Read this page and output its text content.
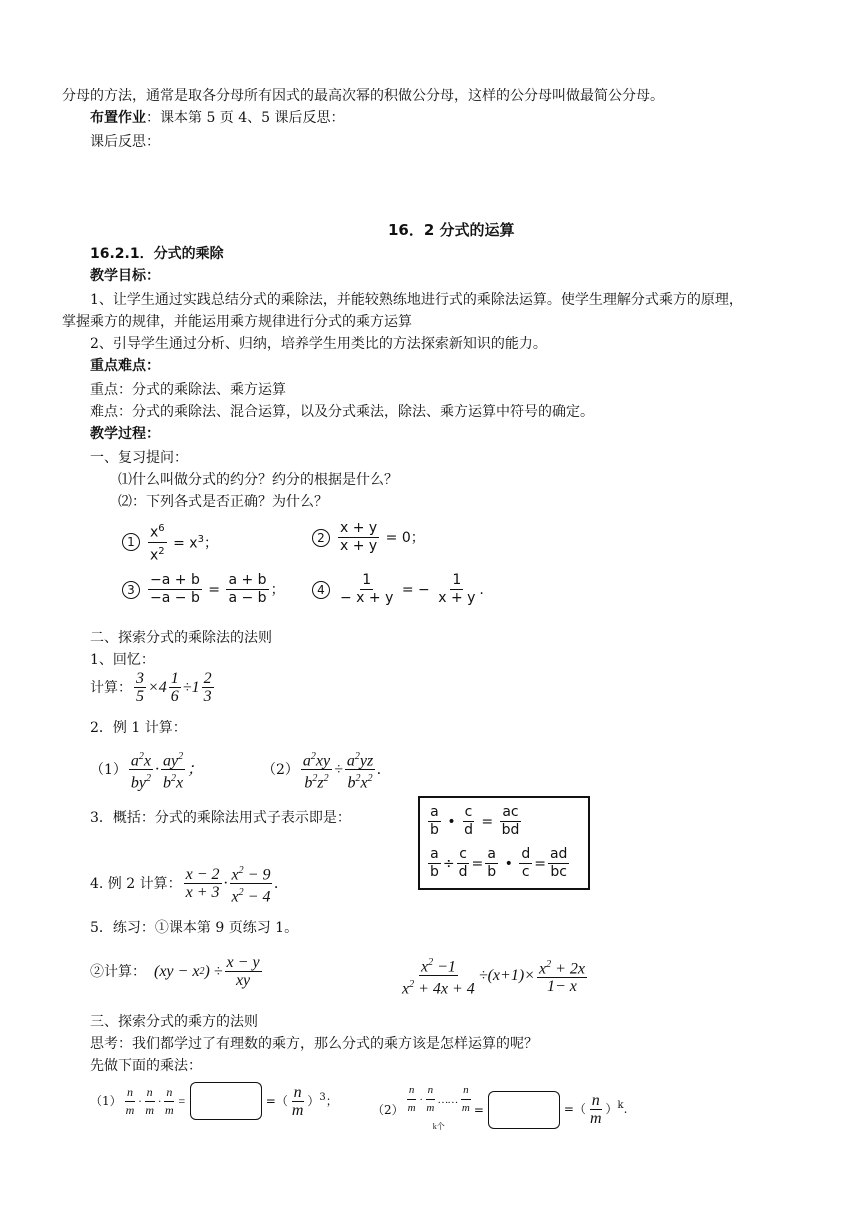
分母的方法，通常是取各分母所有因式的最高次幂的积做公分母，这样的公分母叫做最简公分母。
布置作业：课本第 5 页 4、5 课后反思：
课后反思：
16．2 分式的运算
16.2.1．分式的乘除
教学目标：
1、让学生通过实践总结分式的乘除法，并能较熟练地进行式的乘除法运算。使学生理解分式乘方的原理，
掌握乘方的规律，并能运用乘方规律进行分式的乘方运算
2、引导学生通过分析、归纳，培养学生用类比的方法探索新知识的能力。
重点难点：
重点：分式的乘除法、乘方运算
难点：分式的乘除法、混合运算，以及分式乘法，除法、乘方运算中符号的确定。
教学过程：
一、复习提问：
⑴什么叫做分式的约分？约分的根据是什么？
⑵：下列各式是否正确？为什么？
$1 \frac{x^6}{x^2} = x^3$；	$2 \frac{x + y}{x + y} = 0$；
$3 \frac{-a + b}{-a - b} = \frac{a + b}{a - b}$ ；	$4 \frac{1}{- x + y}$ = − $\frac{1}{x + y}$ .
二、探索分式的乘除法的法则
1、回忆：
计算： $\frac{3}{5} \times 4 \frac{1}{6} \div 1 \frac{2}{3}$
2．例 1 计算：
$(1) \frac{a^2x}{by^2} \cdot \frac{ay^2}{b^2x}$ ；	$(2) \frac{a^2xy}{b^2z^2} \div \frac{a^2yz}{b^2x^2}$ .
3．概括：分式的乘除法用式子表示即是：	$\frac{a}{b}$ • $\frac{c}{d} = \frac{ac}{bd}$
$\frac{a}{b} \div \frac{c}{d} = \frac{a}{b}$ • $\frac{d}{c} = \frac{ad}{bc}$
4. 例 2 计算： $\frac{x - 2}{x + 3} \cdot \frac{x^2 - 9}{x^2 - 4}$ .
5．练习：①课本第 9 页练习 1。
②计算： (xy − x 2 ) ÷ $\frac{x - y}{xy}$	$\frac{x^2 -1}{x^2 + 4x + 4} \div(x+1)\times \frac{x^2 + 2x}{1- x}$
三、探索分式的乘方的法则
思考：我们都学过了有理数的乘方，那么分式的乘方该是怎样运算的呢？
先做下面的乘法：
$(1) \frac{n}{m} \cdot \frac{n}{m} \cdot \frac{n}{m}$ =	=（ $\frac{n}{m} )^3$；
$(2) \frac{n}{m} \cdot \frac{n}{m}$ …… $\frac{n}{m}$
k个
=	=（ $\frac{n}{m} )^k$.
